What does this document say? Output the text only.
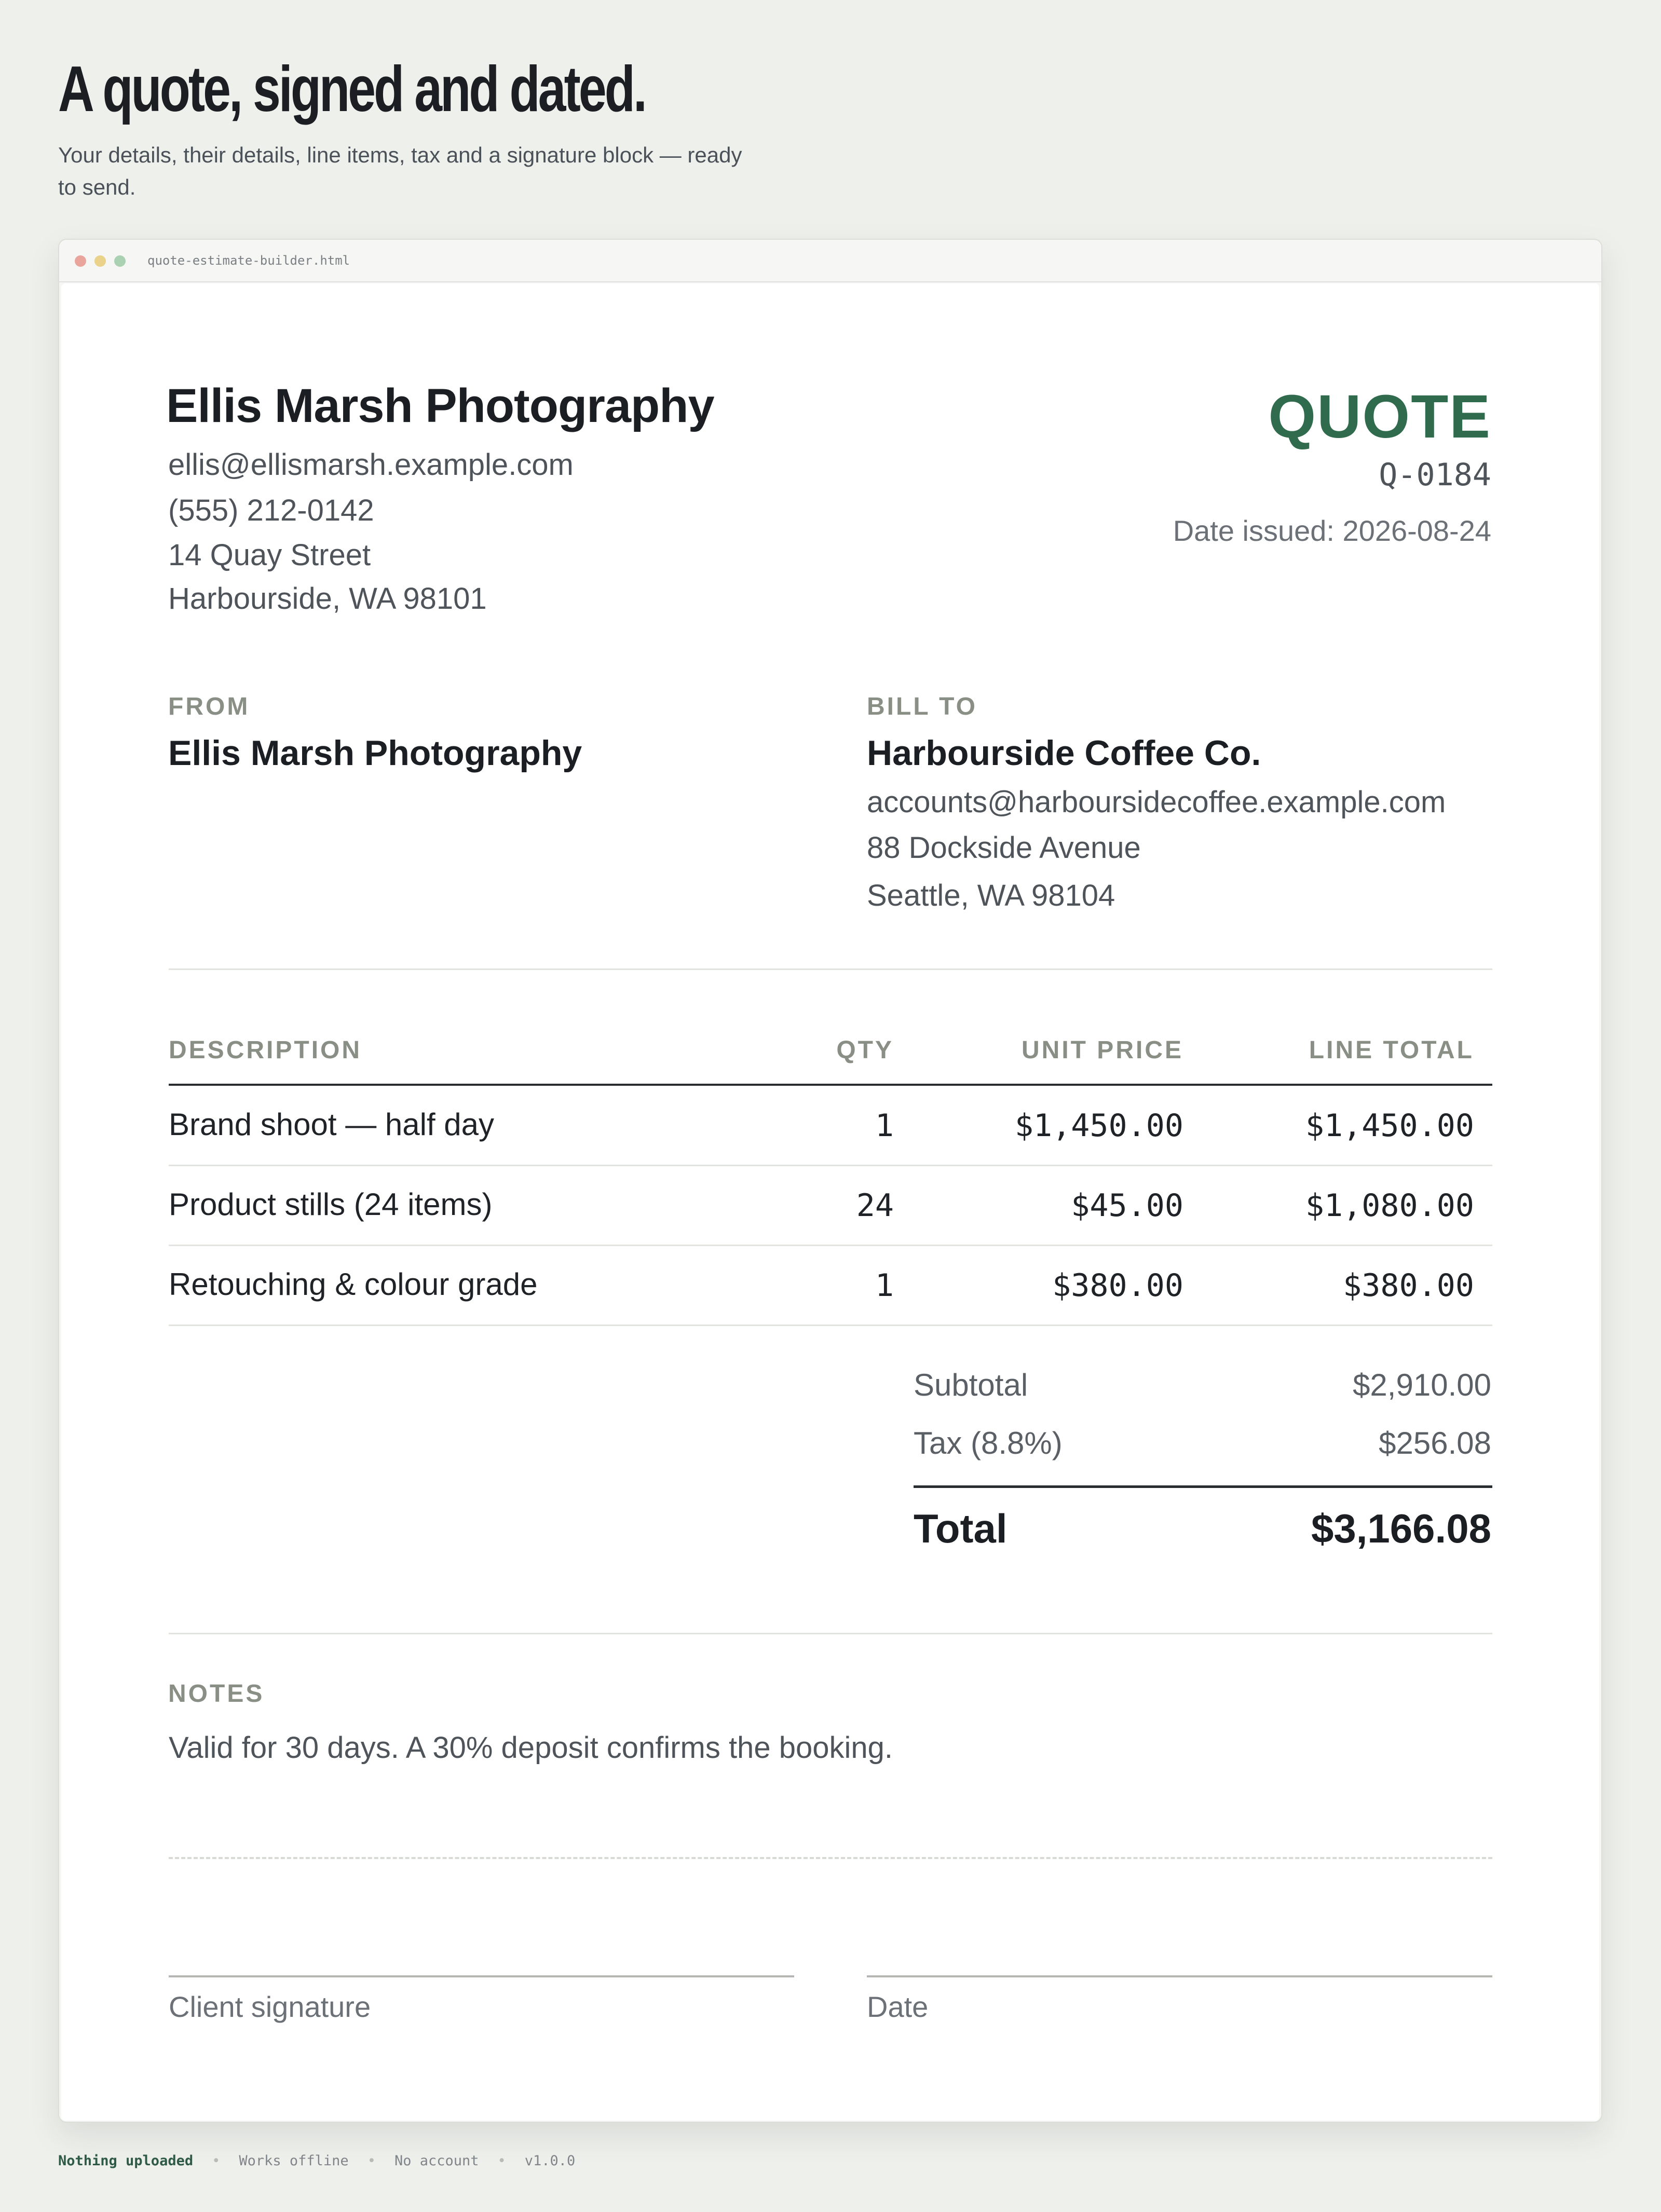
A quote, signed and dated.

Your details, their details, line items, tax and a signature block — ready to send.

quote-estimate-builder.html
Ellis Marsh Photography
ellis@ellismarsh.example.com
(555) 212-0142
14 Quay Street
Harbourside, WA 98101
QUOTE
Q-0184
Date issued: 2026-08-24
FROM
Ellis Marsh Photography
BILL TO
Harbourside Coffee Co.
accounts@harboursidecoffee.example.com
88 Dockside Avenue
Seattle, WA 98104
DESCRIPTION	QTY	UNIT PRICE	LINE TOTAL
Brand shoot — half day	1	$1,450.00	$1,450.00
Product stills (24 items)	24	$45.00	$1,080.00
Retouching & colour grade	1	$380.00	$380.00
Subtotal	$2,910.00
Tax (8.8%)	$256.08
Total	$3,166.08
NOTES
Valid for 30 days. A 30% deposit confirms the booking.
Client signature	Date
Nothing uploaded • Works offline • No account • v1.0.0
